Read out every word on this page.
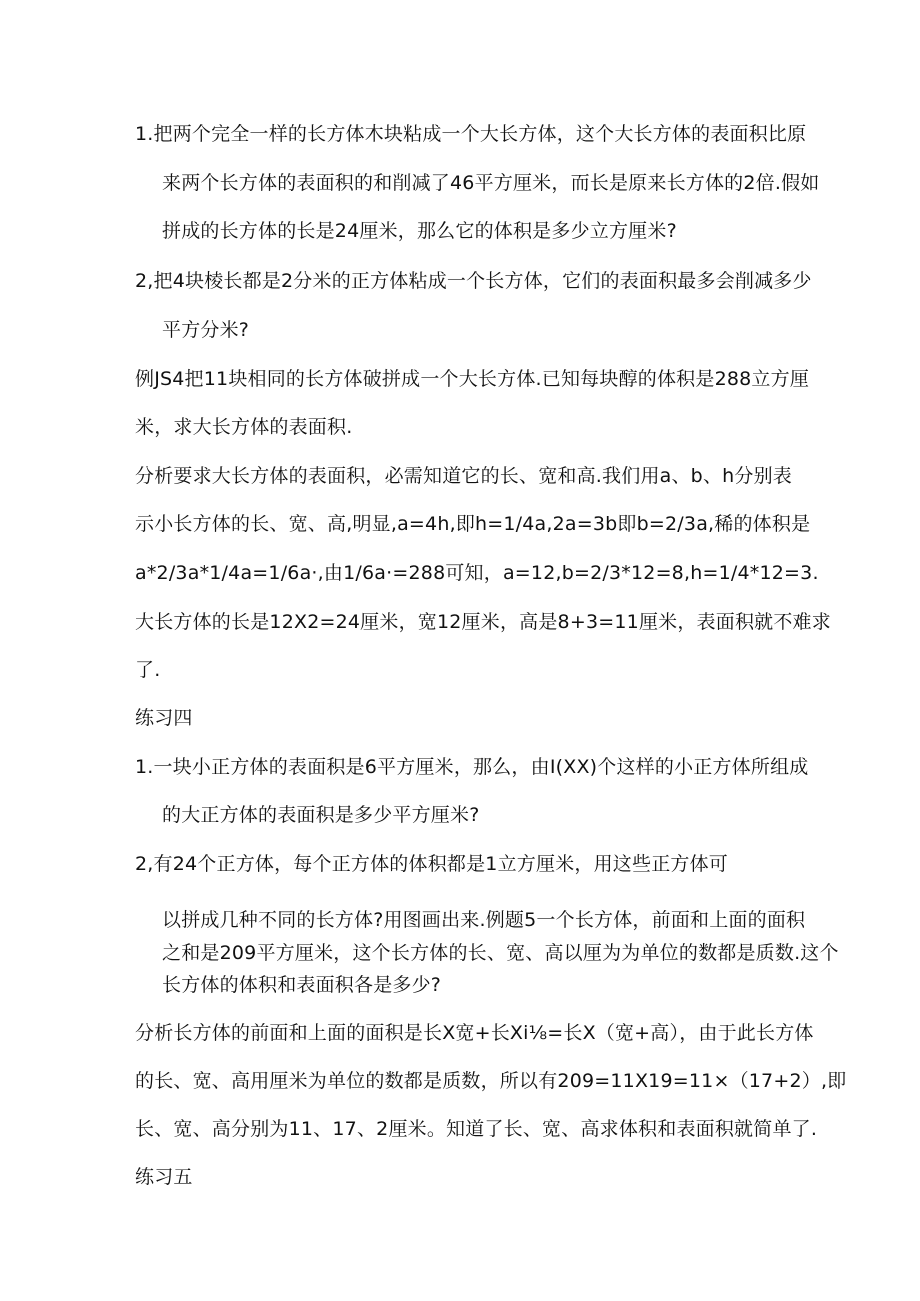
1.把两个完全一样的长方体木块粘成一个大长方体，这个大长方体的表面积比原
来两个长方体的表面积的和削减了46平方厘米，而长是原来长方体的2倍.假如
拼成的长方体的长是24厘米，那么它的体积是多少立方厘米?
2,把4块棱长都是2分米的正方体粘成一个长方体，它们的表面积最多会削减多少
平方分米?
例JS4把11块相同的长方体破拼成一个大长方体.已知每块醇的体积是288立方厘
米，求大长方体的表面积.
分析要求大长方体的表面积，必需知道它的长、宽和高.我们用a、b、h分别表
示小长方体的长、宽、高,明显,a=4h,即h=1/4a,2a=3b即b=2/3a,稀的体积是
a*2/3a*1/4a=1/6a·,由1/6a·=288可知，a=12,b=2/3*12=8,h=1/4*12=3.
大长方体的长是12X2=24厘米，宽12厘米，高是8+3=11厘米，表面积就不难求
了.
练习四
1.一块小正方体的表面积是6平方厘米，那么，由I(XX)个这样的小正方体所组成
的大正方体的表面积是多少平方厘米?
2,有24个正方体，每个正方体的体积都是1立方厘米，用这些正方体可
以拼成几种不同的长方体?用图画出来.例题5一个长方体，前面和上面的面积
之和是209平方厘米，这个长方体的长、宽、高以厘为为单位的数都是质数.这个
长方体的体积和表面积各是多少?
分析长方体的前面和上面的面积是长X宽+长Xi⅛=长X（宽+高），由于此长方体
的长、宽、高用厘米为单位的数都是质数，所以有209=11X19=11×（17+2）,即
长、宽、高分别为11、17、2厘米。知道了长、宽、高求体积和表面积就简单了.
练习五
